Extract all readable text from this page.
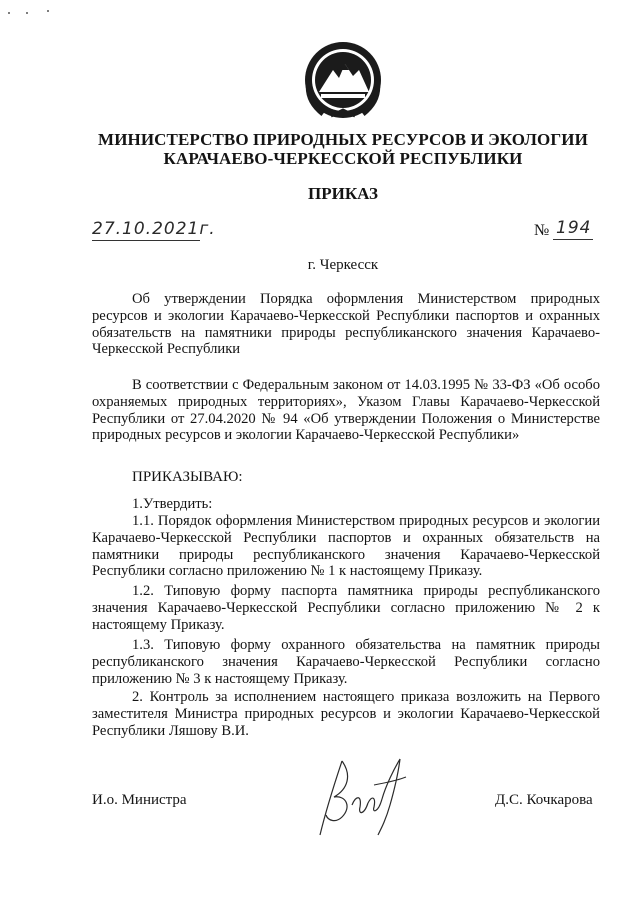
МИНИСТЕРСТВО ПРИРОДНЫХ РЕСУРСОВ И ЭКОЛОГИИ
КАРАЧАЕВО-ЧЕРКЕССКОЙ РЕСПУБЛИКИ
ПРИКАЗ
27.10.2021г.	№ 194
г. Черкесск
Об утверждении Порядка оформления Министерством природных ресурсов и экологии Карачаево-Черкесской Республики паспортов и охранных обязательств на памятники природы республиканского значения Карачаево-Черкесской Республики
В соответствии с Федеральным законом от 14.03.1995 № 33-ФЗ «Об особо охраняемых природных территориях», Указом Главы Карачаево-Черкесской Республики от 27.04.2020 № 94 «Об утверждении Положения о Министерстве природных ресурсов и экологии Карачаево-Черкесской Республики»
ПРИКАЗЫВАЮ:
1.Утвердить:
1.1. Порядок оформления Министерством природных ресурсов и экологии Карачаево-Черкесской Республики паспортов и охранных обязательств на памятники природы республиканского значения Карачаево-Черкесской Республики согласно приложению № 1 к настоящему Приказу.
1.2. Типовую форму паспорта памятника природы республиканского значения Карачаево-Черкесской Республики согласно приложению № 2 к настоящему Приказу.
1.3. Типовую форму охранного обязательства на памятник природы республиканского значения Карачаево-Черкесской Республики согласно приложению № 3 к настоящему Приказу.
2. Контроль за исполнением настоящего приказа возложить на Первого заместителя Министра природных ресурсов и экологии Карачаево-Черкесской Республики Ляшову В.И.
И.о. Министра	Д.С. Кочкарова
